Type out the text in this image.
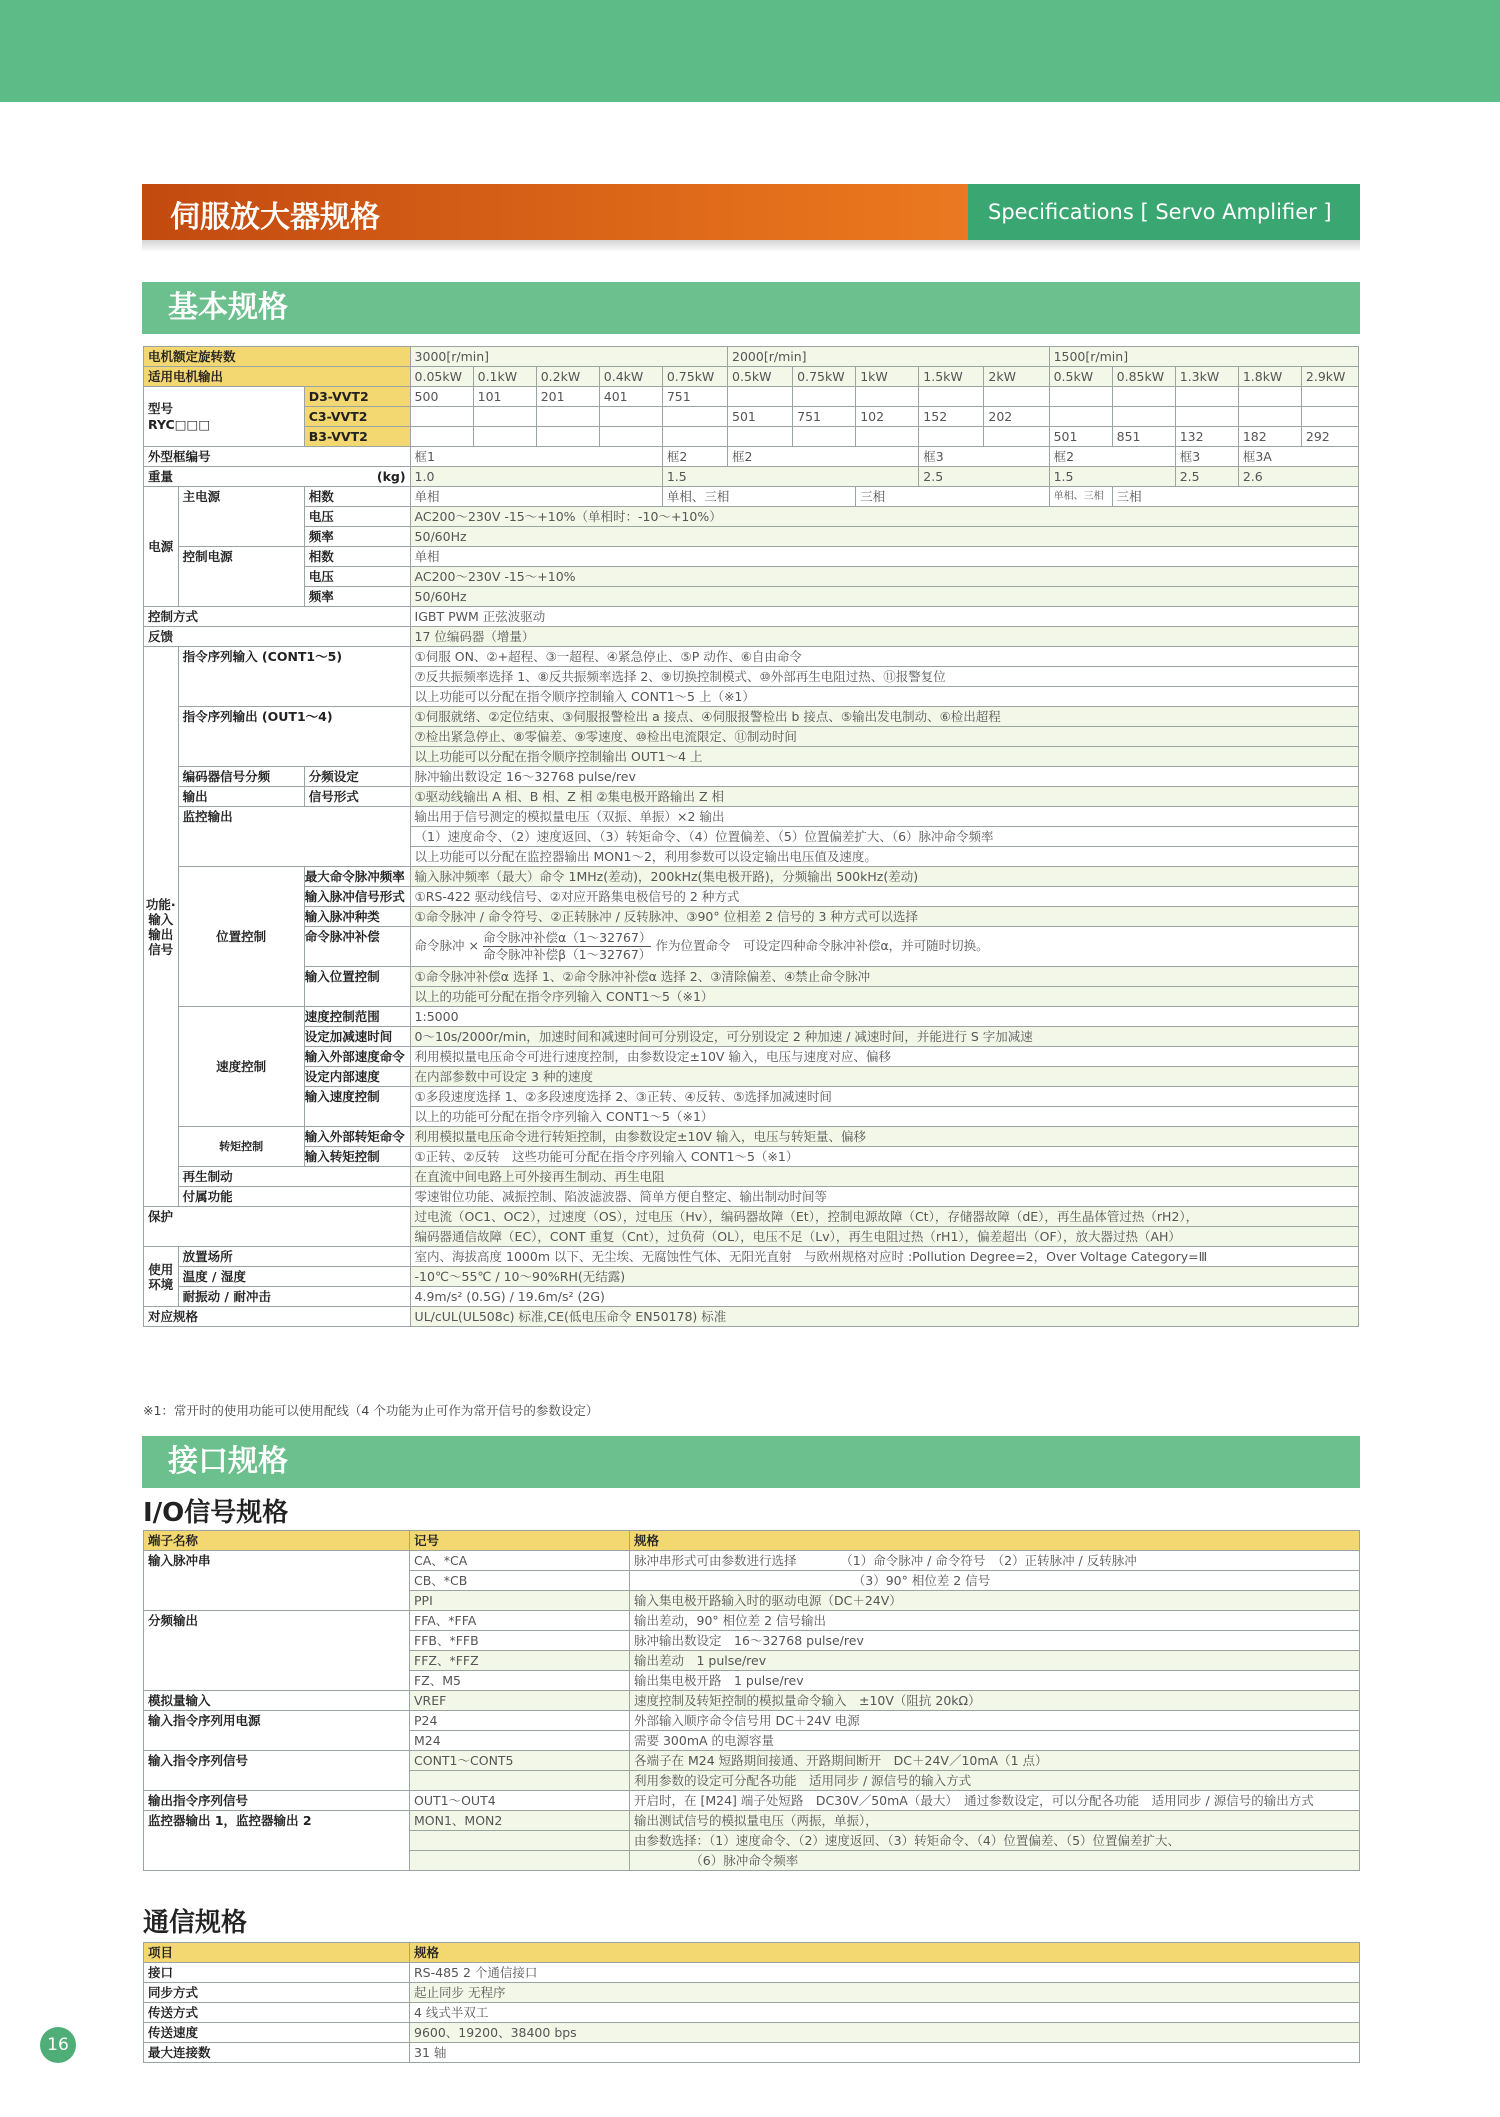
伺服放大器规格	Specifications [ Servo Amplifier ]
基本规格
电机额定旋转数			3000[r/min]					2000[r/min]					1500[r/min]				
适用电机输出			0.05kW	0.1kW	0.2kW	0.4kW	0.75kW	0.5kW	0.75kW	1kW	1.5kW	2kW	0.5kW	0.85kW	1.3kW	1.8kW	2.9kW
型号
RYC□□□		D3-VVT2	500	101	201	401	751										
		C3-VVT2						501	751	102	152	202					
		B3-VVT2											501	851	132	182	292
外型框编号			框1				框2	框2			框3		框2		框3	框3A	
重量 (kg)			1.0				1.5				2.5		1.5		2.5	2.6	
电源	主电源	相数	单相				单相、三相			三相			单相、三相	三相			
		电压	AC200～230V -15～+10%（单相时：-10～+10%）														
		频率	50/60Hz														
	控制电源	相数	单相														
		电压	AC200～230V -15～+10%														
		频率	50/60Hz														
控制方式			IGBT PWM 正弦波驱动														
反馈			17 位编码器（增量）														
功能·输入输出信号	指令序列输入 (CONT1～5)		①伺服 ON、②+超程、③一超程、④紧急停止、⑤P 动作、⑥自由命令														
			⑦反共振频率选择 1、⑧反共振频率选择 2、⑨切换控制模式、⑩外部再生电阻过热、⑪报警复位														
			以上功能可以分配在指令顺序控制输入 CONT1～5 上（※1）														
	指令序列输出 (OUT1～4)		①伺服就绪、②定位结束、③伺服报警检出 a 接点、④伺服报警检出 b 接点、⑤输出发电制动、⑥检出超程														
			⑦检出紧急停止、⑧零偏差、⑨零速度、⑩检出电流限定、⑪制动时间														
			以上功能可以分配在指令顺序控制输出 OUT1～4 上														
	编码器信号分频	分频设定	脉冲输出数设定 16～32768 pulse/rev														
	输出	信号形式	①驱动线输出 A 相、B 相、Z 相 ②集电极开路输出 Z 相														
	监控输出		输出用于信号测定的模拟量电压（双振、单振）×2 输出														
			（1）速度命令、（2）速度返回、（3）转矩命令、（4）位置偏差、（5）位置偏差扩大、（6）脉冲命令频率														
			以上功能可以分配在监控器输出 MON1～2，利用参数可以设定输出电压值及速度。														
	位置控制	最大命令脉冲频率	输入脉冲频率（最大）命令 1MHz(差动)，200kHz(集电极开路)，分频输出 500kHz(差动)														
		输入脉冲信号形式	①RS-422 驱动线信号、②对应开路集电极信号的 2 种方式														
		输入脉冲种类	①命令脉冲 / 命令符号、②正转脉冲 / 反转脉冲、③90° 位相差 2 信号的 3 种方式可以选择														
		命令脉冲补偿	命令脉冲 × $\frac{\text{命令脉冲补偿α（1～32767）}}{\text{命令脉冲补偿β（1～32767）}}$ 作为位置命令　可设定四种命令脉冲补偿α，并可随时切换。														

		输入位置控制	①命令脉冲补偿α 选择 1、②命令脉冲补偿α 选择 2、③清除偏差、④禁止命令脉冲														
			以上的功能可分配在指令序列输入 CONT1～5（※1）														
	速度控制	速度控制范围	1:5000														
		设定加减速时间	0～10s/2000r/min，加速时间和减速时间可分别设定，可分别设定 2 种加速 / 减速时间，并能进行 S 字加减速														
		输入外部速度命令	利用模拟量电压命令可进行速度控制，由参数设定±10V 输入，电压与速度对应、偏移														
		设定内部速度	在内部参数中可设定 3 种的速度														
		输入速度控制	①多段速度选择 1、②多段速度选择 2、③正转、④反转、⑤选择加减速时间														
			以上的功能可分配在指令序列输入 CONT1～5（※1）														
	转矩控制	输入外部转矩命令	利用模拟量电压命令进行转矩控制，由参数设定±10V 输入，电压与转矩量、偏移														
		输入转矩控制	①正转、②反转　这些功能可分配在指令序列输入 CONT1～5（※1）														
	再生制动		在直流中间电路上可外接再生制动、再生电阻														
	付属功能		零速钳位功能、减振控制、陷波滤波器、简单方便自整定、输出制动时间等														
保护			过电流（OC1、OC2），过速度（OS），过电压（Hv），编码器故障（Et），控制电源故障（Ct），存储器故障（dE），再生晶体管过热（rH2），														
			编码器通信故障（EC），CONT 重复（Cnt），过负荷（OL），电压不足（Lv），再生电阻过热（rH1），偏差超出（OF），放大器过热（AH）														
使用环境	放置场所		室内、海拔高度 1000m 以下、无尘埃、无腐蚀性气体、无阳光直射　与欧州规格对应时 :Pollution Degree=2，Over Voltage Category=Ⅲ														
	温度 / 湿度		-10℃～55℃ / 10～90%RH(无结露)														
	耐振动 / 耐冲击		4.9m/s² (0.5G) / 19.6m/s² (2G)														
对应规格			UL/cUL(UL508c) 标准,CE(低电压命令 EN50178) 标准														
※1：常开时的使用功能可以使用配线（4 个功能为止可作为常开信号的参数设定）
接口规格
I/O信号规格
端子名称	记号	规格
输入脉冲串	CA、*CA	脉冲串形式可由参数进行选择　　　　（1）命令脉冲 / 命令符号　（2）正转脉冲 / 反转脉冲
	CB、*CB	　　　　　　　　　　　　　　　　　　（3）90° 相位差 2 信号
	PPI	输入集电极开路输入时的驱动电源（DC＋24V）
分频输出	FFA、*FFA	输出差动，90° 相位差 2 信号输出
	FFB、*FFB	脉冲输出数设定　16～32768 pulse/rev
	FFZ、*FFZ	输出差动　1 pulse/rev
	FZ、M5	输出集电极开路　1 pulse/rev
模拟量输入	VREF	速度控制及转矩控制的模拟量命令输入　±10V（阻抗 20kΩ）
输入指令序列用电源	P24	外部输入顺序命令信号用 DC＋24V 电源
	M24	需要 300mA 的电源容量
输入指令序列信号	CONT1～CONT5	各端子在 M24 短路期间接通、开路期间断开　DC＋24V／10mA（1 点）
		利用参数的设定可分配各功能　适用同步 / 源信号的输入方式
输出指令序列信号	OUT1～OUT4	开启时，在 [M24] 端子处短路　DC30V／50mA（最大）　通过参数设定，可以分配各功能　适用同步 / 源信号的输出方式
监控器输出 1，监控器输出 2	MON1、MON2	输出测试信号的模拟量电压（两振，单振），
		由参数选择：（1）速度命令、（2）速度返回、（3）转矩命令、（4）位置偏差、（5）位置偏差扩大、
		　　　　　（6）脉冲命令频率
通信规格
项目	规格
接口	RS-485 2 个通信接口
同步方式	起止同步 无程序
传送方式	4 线式半双工
传送速度	9600、19200、38400 bps
最大连接数	31 轴
16
